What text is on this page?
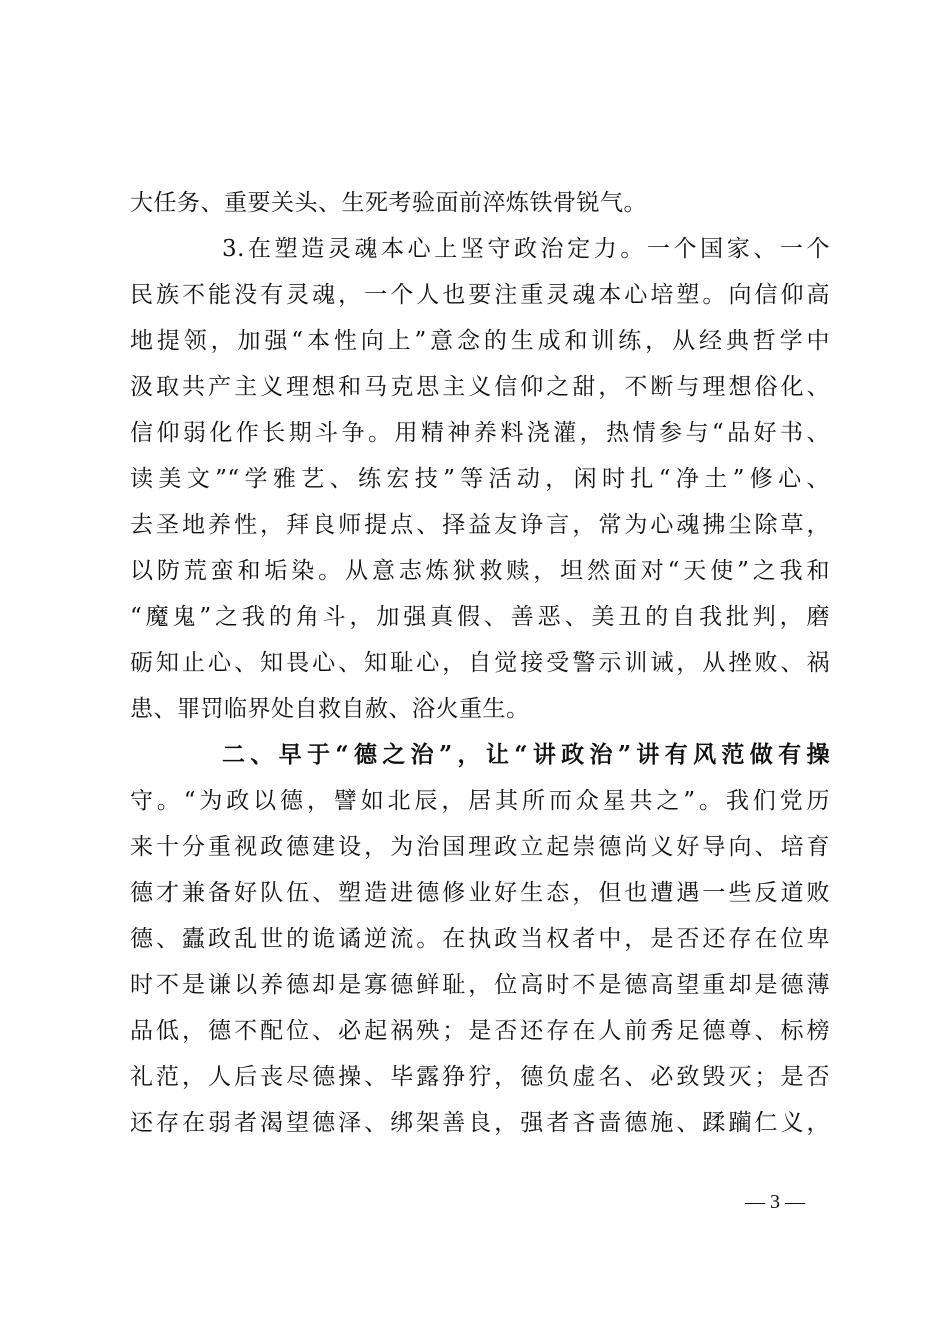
大任务、重要关头、生死考验面前淬炼铁骨锐气。
3.在塑造灵魂本心上坚守政治定力。一个国家、一个
民族不能没有灵魂，一个人也要注重灵魂本心培塑。向信仰高
地提领，加强“本性向上”意念的生成和训练，从经典哲学中
汲取共产主义理想和马克思主义信仰之甜，不断与理想俗化、
信仰弱化作长期斗争。用精神养料浇灌，热情参与“品好书、
读美文”“学雅艺、练宏技”等活动，闲时扎“净土”修心、
去圣地养性，拜良师提点、择益友诤言，常为心魂拂尘除草，
以防荒蛮和垢染。从意志炼狱救赎，坦然面对“天使”之我和
“魔鬼”之我的角斗，加强真假、善恶、美丑的自我批判，磨
砺知止心、知畏心、知耻心，自觉接受警示训诫，从挫败、祸
患、罪罚临界处自救自赦、浴火重生。
二、早于“德之治”，让“讲政治”讲有风范做有操
守。“为政以德，譬如北辰，居其所而众星共之”。我们党历
来十分重视政德建设，为治国理政立起崇德尚义好导向、培育
德才兼备好队伍、塑造进德修业好生态，但也遭遇一些反道败
德、蠹政乱世的诡谲逆流。在执政当权者中，是否还存在位卑
时不是谦以养德却是寡德鲜耻，位高时不是德高望重却是德薄
品低，德不配位、必起祸殃；是否还存在人前秀足德尊、标榜
礼范，人后丧尽德操、毕露狰狞，德负虚名、必致毁灭；是否
还存在弱者渴望德泽、绑架善良，强者吝啬德施、蹂躏仁义，
— 3 —
